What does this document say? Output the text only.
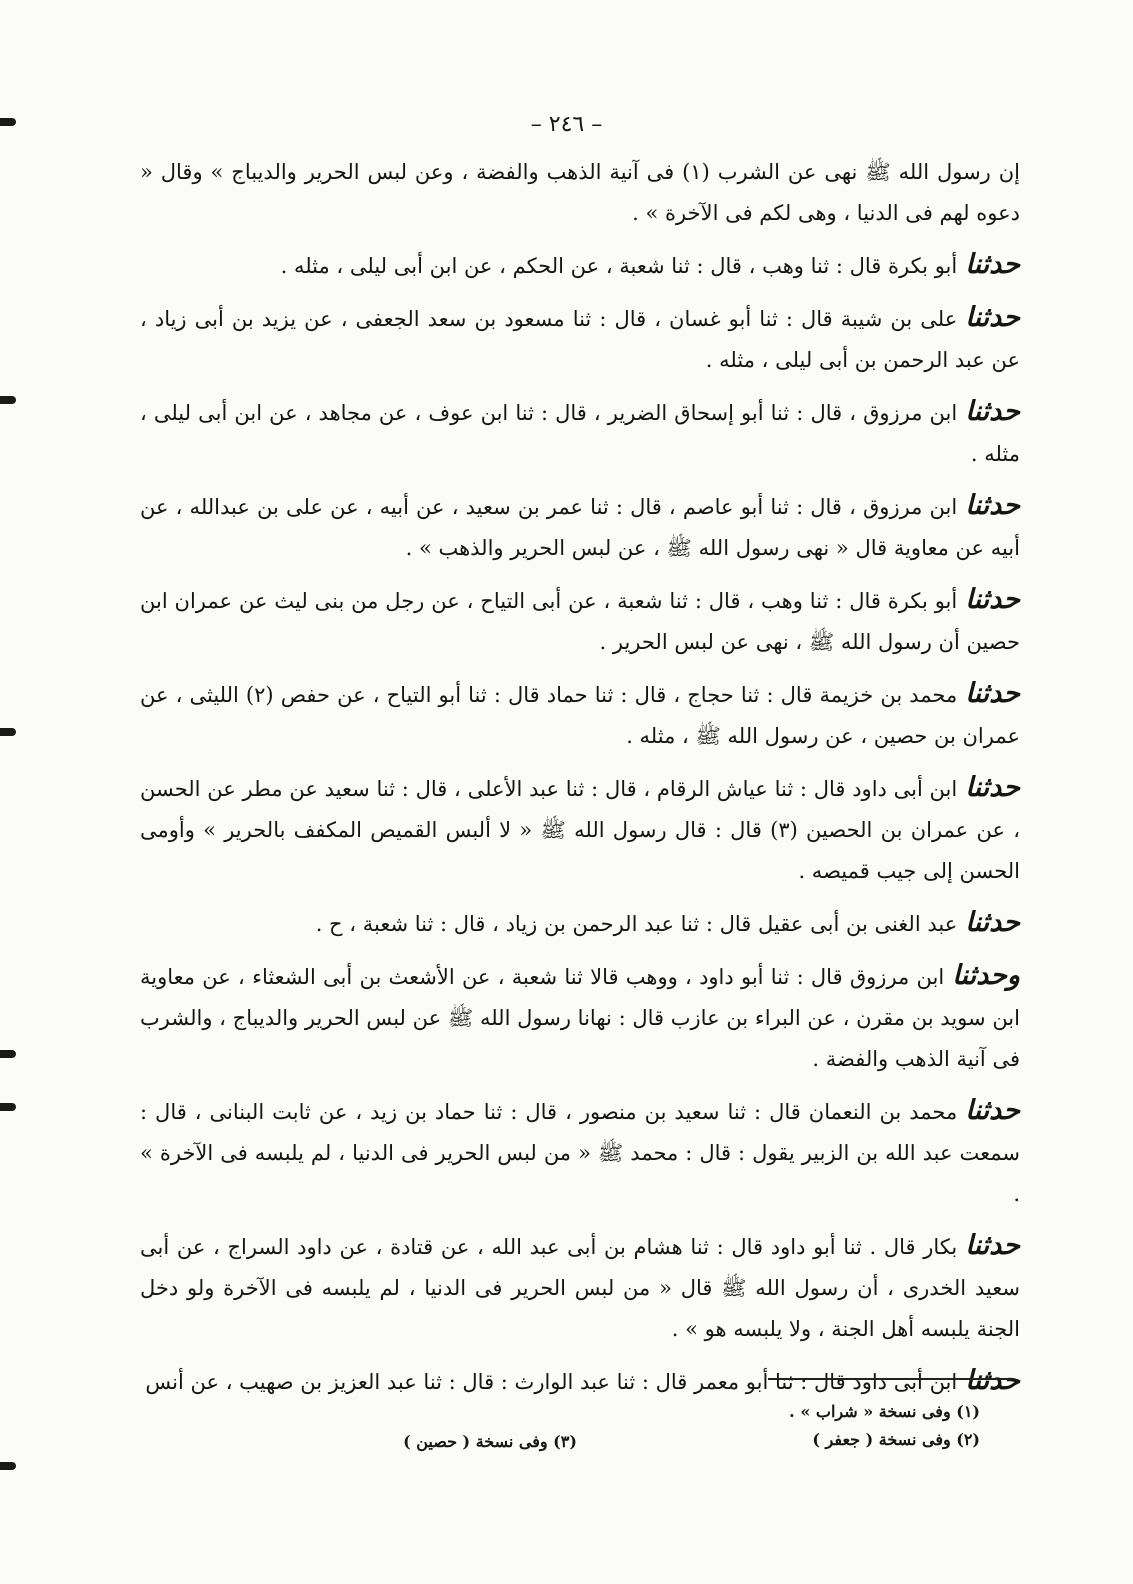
– ٢٤٦ –

إن رسول الله ﷺ نهى عن الشرب (١) فى آنية الذهب والفضة ، وعن لبس الحرير والديباج » وقال « دعوه لهم فى الدنيا ، وهى لكم فى الآخرة » .

حدثناأبو بكرة قال : ثنا وهب ، قال : ثنا شعبة ، عن الحكم ، عن ابن أبى ليلى ، مثله .

حدثناعلى بن شيبة قال : ثنا أبو غسان ، قال : ثنا مسعود بن سعد الجعفى ، عن يزيد بن أبى زياد ، عن عبد الرحمن بن أبى ليلى ، مثله .

حدثناابن مرزوق ، قال : ثنا أبو إسحاق الضرير ، قال : ثنا ابن عوف ، عن مجاهد ، عن ابن أبى ليلى ، مثله .

حدثناابن مرزوق ، قال : ثنا أبو عاصم ، قال : ثنا عمر بن سعيد ، عن أبيه ، عن على بن عبدالله ، عن أبيه عن معاوية قال « نهى رسول الله ﷺ ، عن لبس الحرير والذهب » .

حدثناأبو بكرة قال : ثنا وهب ، قال : ثنا شعبة ، عن أبى التياح ، عن رجل من بنى ليث عن عمران ابن حصين أن رسول الله ﷺ ، نهى عن لبس الحرير .

حدثنامحمد بن خزيمة قال : ثنا حجاج ، قال : ثنا حماد قال : ثنا أبو التياح ، عن حفص (٢) الليثى ، عن عمران بن حصين ، عن رسول الله ﷺ ، مثله .

حدثناابن أبى داود قال : ثنا عياش الرقام ، قال : ثنا عبد الأعلى ، قال : ثنا سعيد عن مطر عن الحسن ، عن عمران بن الحصين (٣) قال : قال رسول الله ﷺ « لا ألبس القميص المكفف بالحرير » وأومى الحسن إلى جيب قميصه .

حدثناعبد الغنى بن أبى عقيل قال : ثنا عبد الرحمن بن زياد ، قال : ثنا شعبة ، ح .

وحدثناابن مرزوق قال : ثنا أبو داود ، ووهب قالا ثنا شعبة ، عن الأشعث بن أبى الشعثاء ، عن معاوية ابن سويد بن مقرن ، عن البراء بن عازب قال : نهانا رسول الله ﷺ عن لبس الحرير والديباج ، والشرب فى آنية الذهب والفضة .

حدثنامحمد بن النعمان قال : ثنا سعيد بن منصور ، قال : ثنا حماد بن زيد ، عن ثابت البنانى ، قال : سمعت عبد الله بن الزبير يقول : قال : محمد ﷺ « من لبس الحرير فى الدنيا ، لم يلبسه فى الآخرة » .

حدثنابكار قال . ثنا أبو داود قال : ثنا هشام بن أبى عبد الله ، عن قتادة ، عن داود السراج ، عن أبى سعيد الخدرى ، أن رسول الله ﷺ قال « من لبس الحرير فى الدنيا ، لم يلبسه فى الآخرة ولو دخل الجنة يلبسه أهل الجنة ، ولا يلبسه هو » .

حدثناابن أبى داود قال : ثنا أبو معمر قال : ثنا عبد الوارث : قال : ثنا عبد العزيز بن صهيب ، عن أنس

(١) وفى نسخة « شراب » .
(٢) وفى نسخة ( جعفر )
(٣) وفى نسخة ( حصين )
